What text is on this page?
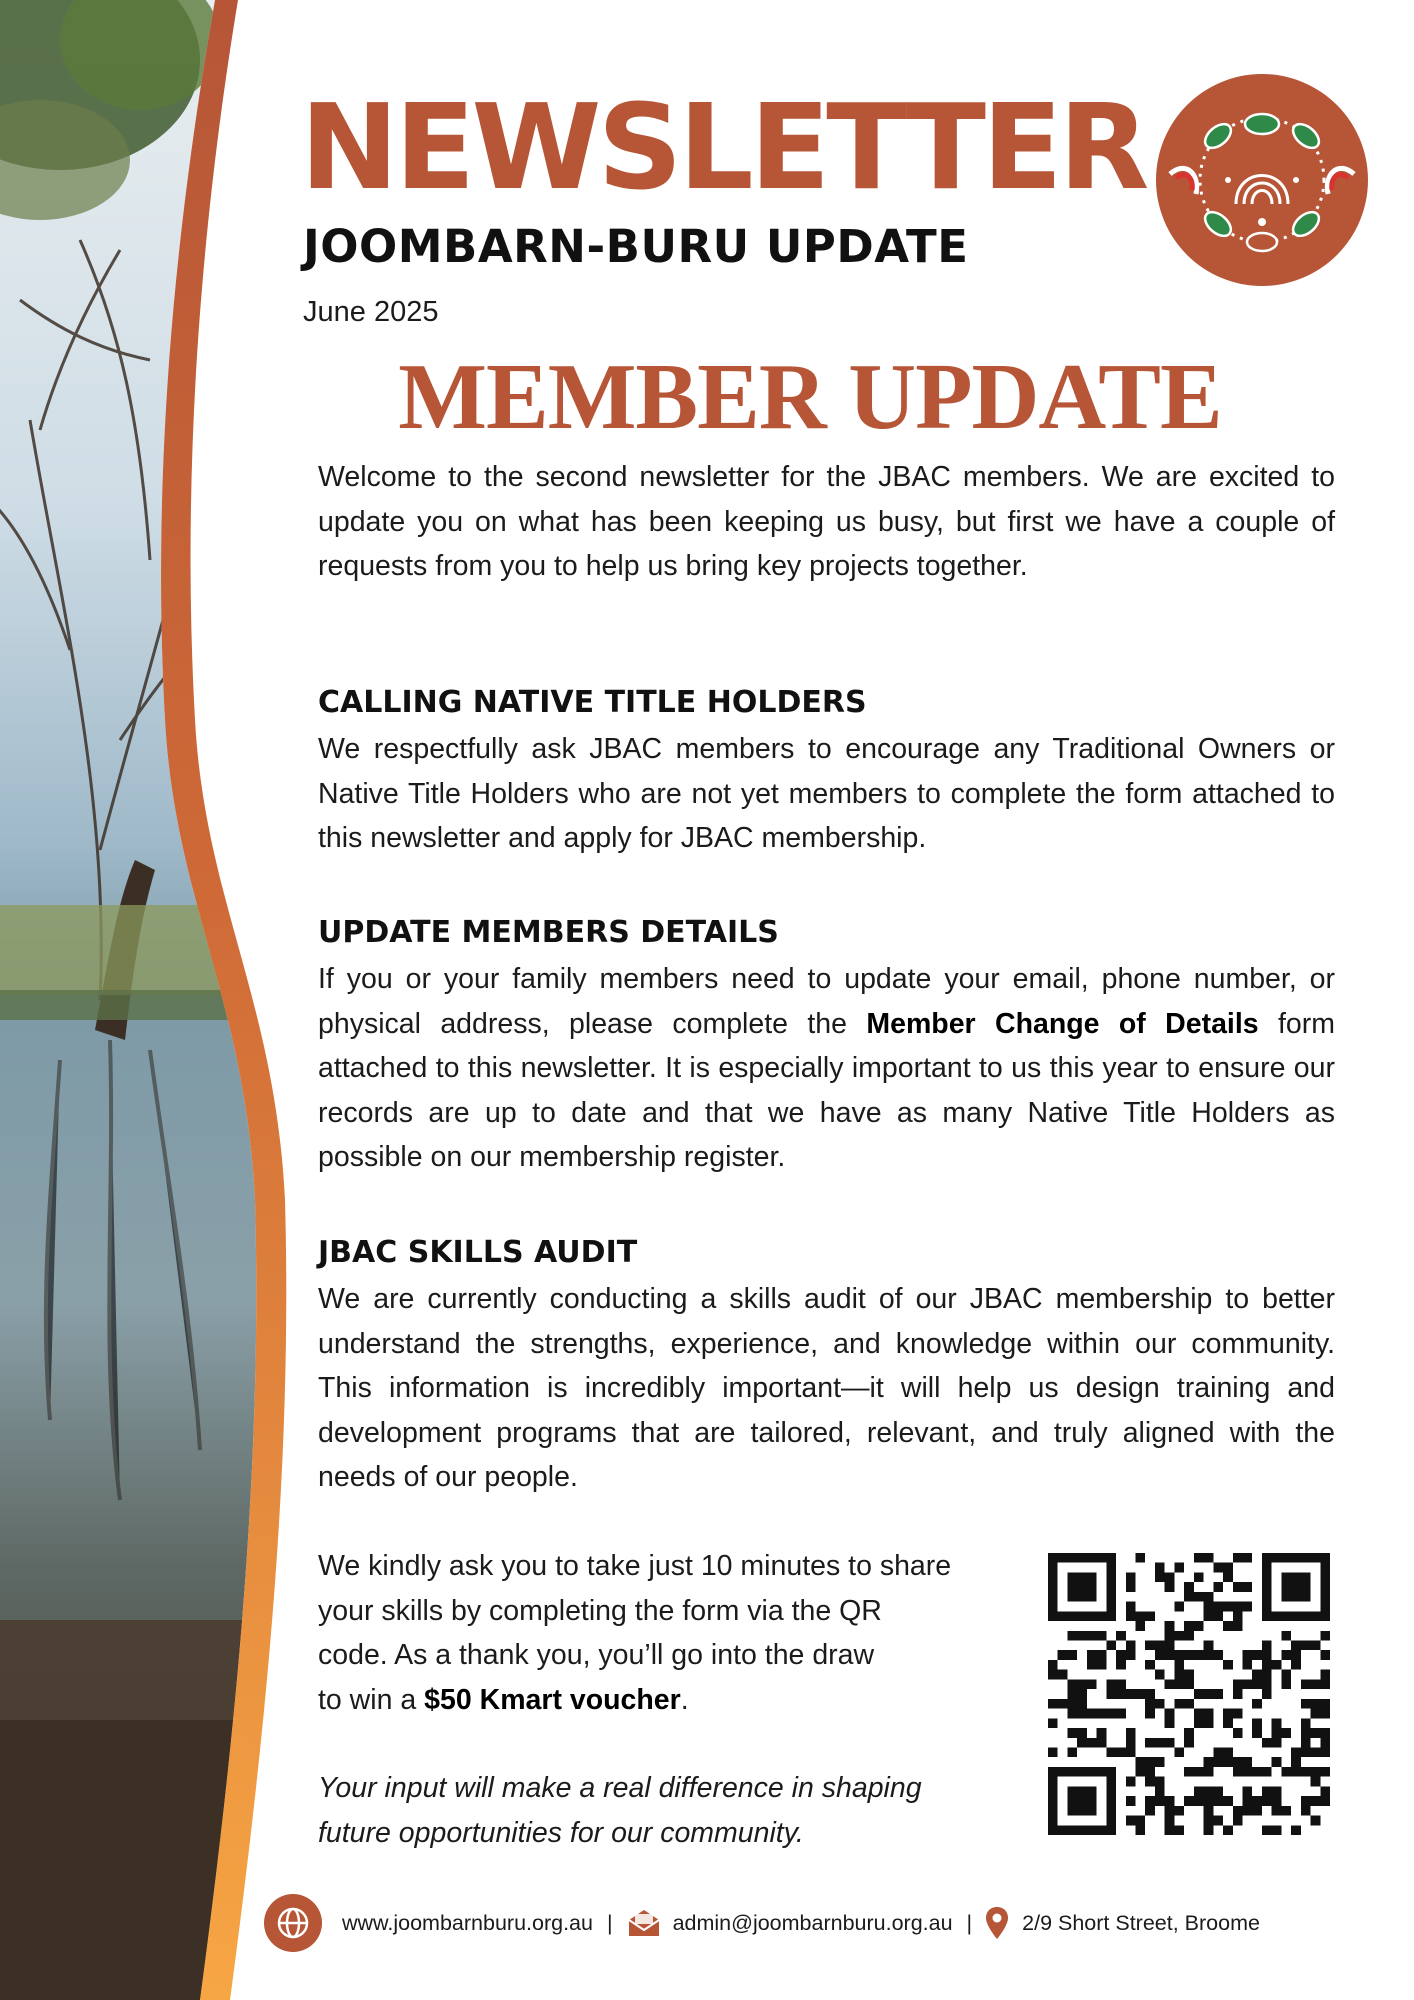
NEWSLETTER
JOOMBARN-BURU UPDATE
June 2025
MEMBER UPDATE

Welcome to the second newsletter for the JBAC members. We are excited to update you on what has been keeping us busy, but first we have a couple of requests from you to help us bring key projects together.

CALLING NATIVE TITLE HOLDERS

We respectfully ask JBAC members to encourage any Traditional Owners or Native Title Holders who are not yet members to complete the form attached to this newsletter and apply for JBAC membership.

UPDATE MEMBERS DETAILS

If you or your family members need to update your email, phone number, or physical address, please complete the Member Change of Details form attached to this newsletter. It is especially important to us this year to ensure our records are up to date and that we have as many Native Title Holders as possible on our membership register.

JBAC SKILLS AUDIT

We are currently conducting a skills audit of our JBAC membership to better understand the strengths, experience, and knowledge within our community. This information is incredibly important—it will help us design training and development programs that are tailored, relevant, and truly aligned with the needs of our people.

We kindly ask you to take just 10 minutes to share
your skills by completing the form via the QR
code. As a thank you, you’ll go into the draw
to win a $50 Kmart voucher.

Your input will make a real difference in shaping
future opportunities for our community.

www.joombarnburu.org.au |	admin@joombarnburu.org.au | 2/9 Short Street, Broome
